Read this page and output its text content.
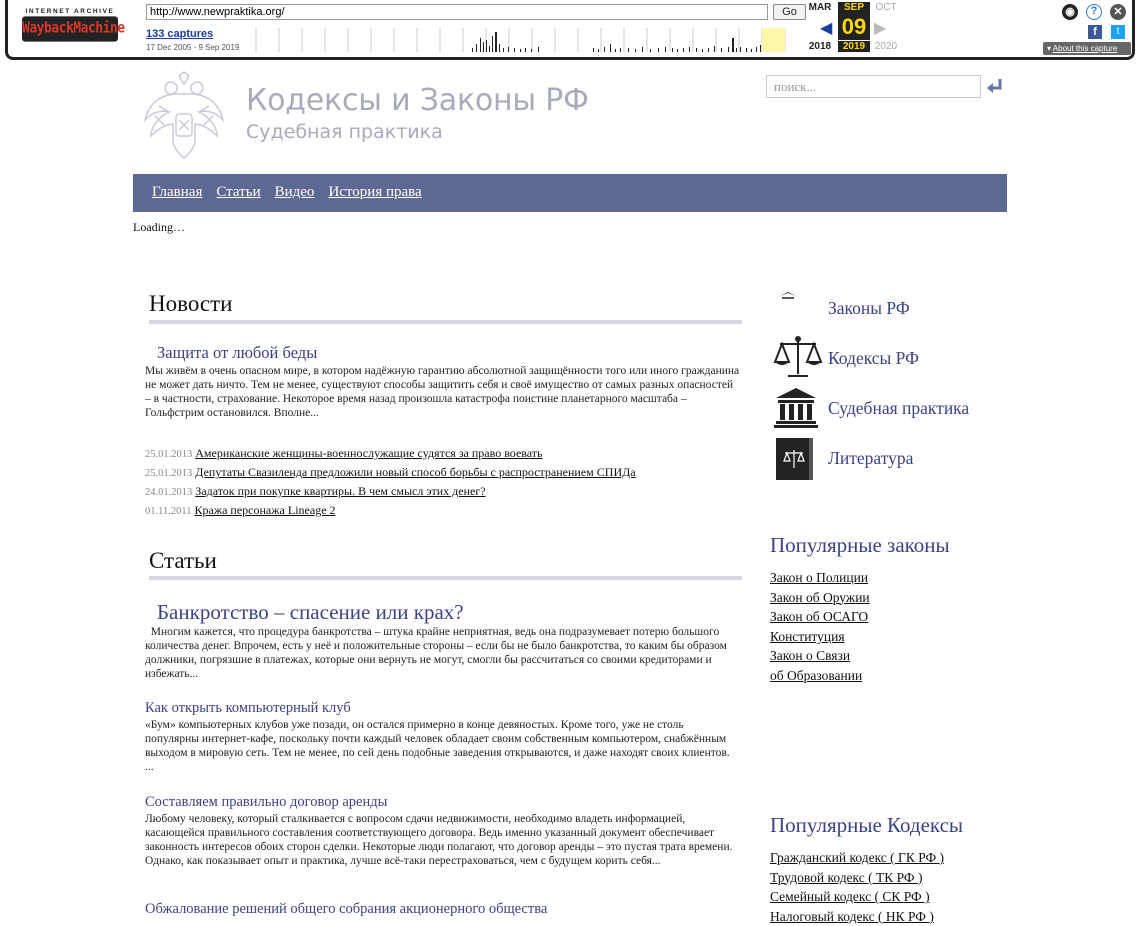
INTERNET ARCHIVE
WaybackMachine
http://www.newpraktika.org/	Go
133 captures
17 Dec 2005 - 9 Sep 2019
MAR	SEP	OCT
◀ 09 ▶
2018	2019 2020
◉	?	✕
f	t
▾ About this capture
Кодексы и Законы РФ
Судебная практика
поиск...
Главная Статьи Видео История права
Loading…
Новости
Защита от любой беды
Мы живём в очень опасном мире, в котором надёжную гарантию абсолютной защищённости того или иного гражданина не может дать ничто. Тем не менее, существуют способы защитить себя и своё имущество от самых разных опасностей – в частности, страхование. Некоторое время назад произошла катастрофа поистине планетарного масштаба – Гольфстрим остановился. Вполне...
25.01.2013 Американские женщины-военнослужащие судятся за право воевать
25.01.2013 Депутаты Свазиленда предложили новый способ борьбы с распространением СПИДа
24.01.2013 Задаток при покупке квартиры. В чем смысл этих денег?
01.11.2011 Кража персонажа Lineage 2
Статьи
Банкротство – спасение или крах?
Многим кажется, что процедура банкротства – штука крайне неприятная, ведь она подразумевает потерю большого количества денег. Впрочем, есть у неё и положительные стороны – если бы не было банкротства, то каким бы образом должники, погрязшие в платежах, которые они вернуть не могут, смогли бы рассчитаться со своими кредиторами и избежать...
Как открыть компьютерный клуб
«Бум» компьютерных клубов уже позади, он остался примерно в конце девяностых. Кроме того, уже не столь популярны интернет-кафе, поскольку почти каждый человек обладает своим собственным компьютером, снабжённым выходом в мировую сеть. Тем не менее, по сей день подобные заведения открываются, и даже находят своих клиентов. ...
Составляем правильно договор аренды
Любому человеку, который сталкивается с вопросом сдачи недвижимости, необходимо владеть информацией, касающейся правильного составления соответствующего договора. Ведь именно указанный документ обеспечивает законность интересов обоих сторон сделки. Некоторые люди полагают, что договор аренды – это пустая трата времени. Однако, как показывает опыт и практика, лучше всё-таки перестраховаться, чем с будущем корить себя...
Обжалование решений общего собрания акционерного общества
Законы РФ
Кодексы РФ
Судебная практика
Литература
Популярные законы
Закон о Полиции
Закон об Оружии
Закон об ОСАГО
Конституция
Закон о Связи
об Образовании
Популярные Кодексы
Гражданский кодекс ( ГК РФ )
Трудовой кодекс ( ТК РФ )
Семейный кодекс ( СК РФ )
Налоговый кодекс ( НК РФ )
